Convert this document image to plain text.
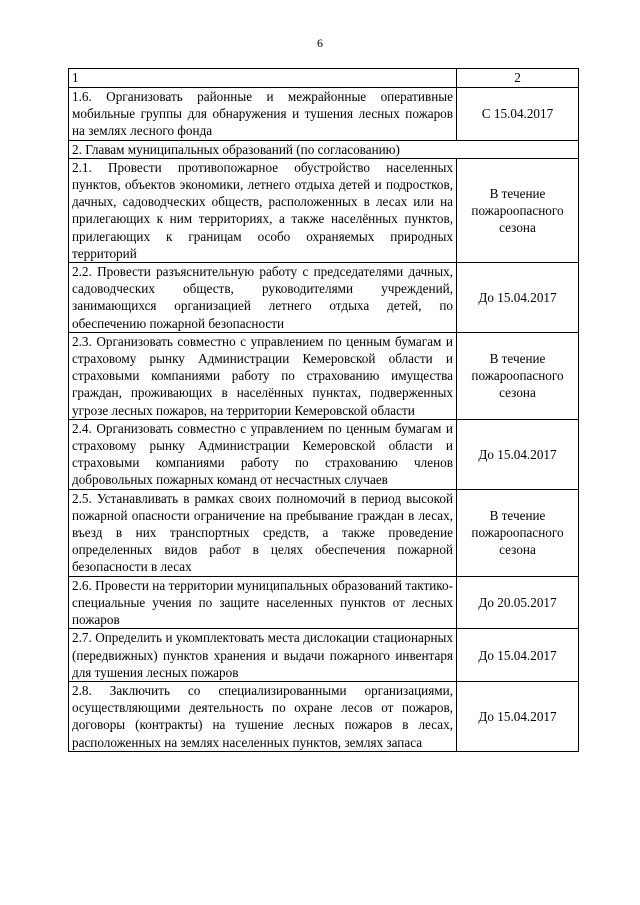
6
1	2
1.6. Организовать районные и межрайонные оперативные мобильные группы для обнаружения и тушения лесных пожаров на землях лесного фонда	С 15.04.2017
2. Главам муниципальных образований (по согласованию)	
2.1. Провести противопожарное обустройство населенных пунктов, объектов экономики, летнего отдыха детей и подростков, дачных, садоводческих обществ, расположенных в лесах или на прилегающих к ним территориях, а также населённых пунктов, прилегающих к границам особо охраняемых природных территорий	В течение пожароопасного сезона
2.2. Провести разъяснительную работу с председателями дачных, садоводческих обществ, руководителями учреждений, занимающихся организацией летнего отдыха детей, по обеспечению пожарной безопасности	До 15.04.2017
2.3. Организовать совместно с управлением по ценным бумагам и страховому рынку Администрации Кемеровской области и страховыми компаниями работу по страхованию имущества граждан, проживающих в населённых пунктах, подверженных угрозе лесных пожаров, на территории Кемеровской области	В течение пожароопасного сезона
2.4. Организовать совместно с управлением по ценным бумагам и страховому рынку Администрации Кемеровской области и страховыми компаниями работу по страхованию членов добровольных пожарных команд от несчастных случаев	До 15.04.2017
2.5. Устанавливать в рамках своих полномочий в период высокой пожарной опасности ограничение на пребывание граждан в лесах, въезд в них транспортных средств, а также проведение определенных видов работ в целях обеспечения пожарной безопасности в лесах	В течение пожароопасного сезона
2.6. Провести на территории муниципальных образований тактико-специальные учения по защите населенных пунктов от лесных пожаров	До 20.05.2017
2.7. Определить и укомплектовать места дислокации стационарных (передвижных) пунктов хранения и выдачи пожарного инвентаря для тушения лесных пожаров	До 15.04.2017
2.8. Заключить со специализированными организациями, осуществляющими деятельность по охране лесов от пожаров, договоры (контракты) на тушение лесных пожаров в лесах, расположенных на землях населенных пунктов, землях запаса	До 15.04.2017
